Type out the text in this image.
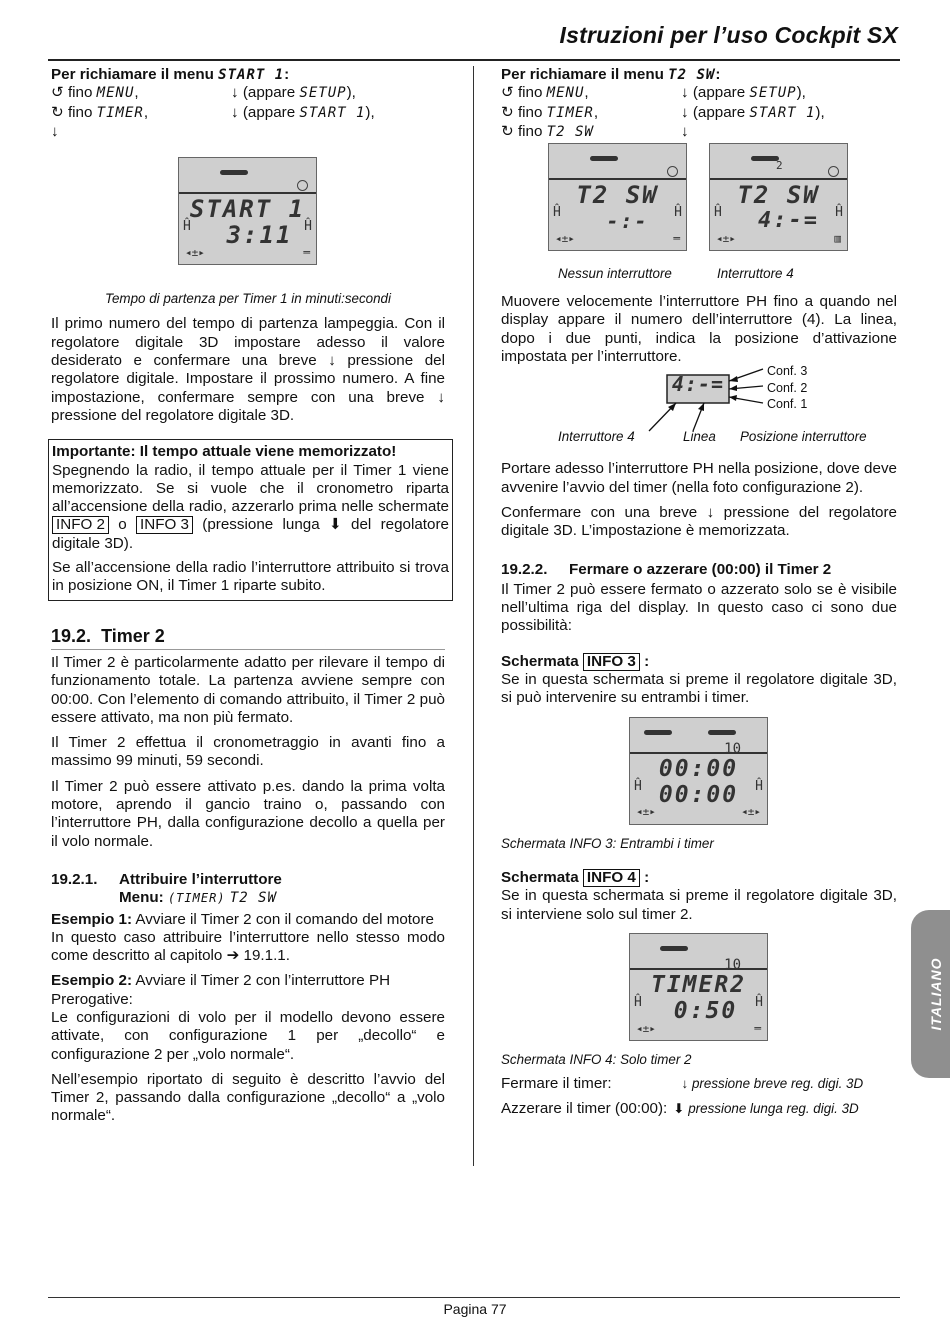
Istruzioni per l’uso Cockpit SX
Per richiamare il menu START 1:
↺ fino MENU,	↓ (appare SETUP),
↻ fino TIMER,	↓ (appare START 1),
↓
START 1
3:11
Ĥ	Ĥ
◂±▸	═
Tempo di partenza per Timer 1 in minuti:secondi

Il primo numero del tempo di partenza lampeggia. Con il regolatore digitale 3D impostare adesso il valore desiderato e confermare una breve ↓ pressione del regolatore digitale. Impostare il prossimo numero. A fine impostazione, confermare sempre con una breve ↓ pressione del regolatore digitale 3D.

Importante: Il tempo attuale viene memorizzato!

Spegnendo la radio, il tempo attuale per il Timer 1 viene memorizzato. Se si vuole che il cronometro riparta all’accensione della radio, azzerarlo prima nelle schermate INFO 2 o INFO 3 (pressione lunga ⬇ del regolatore digitale 3D).

Se all’accensione della radio l’interruttore attribuito si trova in posizione ON, il Timer 1 riparte subito.

19.2. Timer 2

Il Timer 2 è particolarmente adatto per rilevare il tempo di funzionamento totale. La partenza avviene sempre con 00:00. Con l’elemento di comando attribuito, il Timer 2 può essere attivato, ma non più fermato.

Il Timer 2 effettua il cronometraggio in avanti fino a massimo 99 minuti, 59 secondi.

Il Timer 2 può essere attivato p.es. dando la prima volta motore, aprendo il gancio traino o, passando con l’interruttore PH, dalla configurazione decollo a quella per il volo normale.

19.2.1. Attribuire l’interruttore
Menu: (TIMER) T2 SW
Esempio 1: Avviare il Timer 2 con il comando del motore

In questo caso attribuire l’interruttore nello stesso modo come descritto al capitolo ➔ 19.1.1.

Esempio 2: Avviare il Timer 2 con l’interruttore PH
Prerogative:

Le configurazioni di volo per il modello devono essere attivate, con configurazione 1 per „decollo“ e configurazione 2 per „volo normale“.

Nell’esempio riportato di seguito è descritto l’avvio del Timer 2, passando dalla configurazione „decollo“ a „volo normale“.

Per richiamare il menu T2 SW:
↺ fino MENU,	↓ (appare SETUP),
↻ fino TIMER,	↓ (appare START 1),
↻ fino T2 SW	↓
T2 SW
-:-
Ĥ	Ĥ
◂±▸	═
2
T2 SW
4:-=
Ĥ	Ĥ
◂±▸	▥
Nessun interruttore	Interruttore 4

Muovere velocemente l’interruttore PH fino a quando nel display appare il numero dell’interruttore (4). La linea, dopo i due punti, indica la posizione d’attivazione impostata per l’interruttore.

4:-=
Conf. 3
Conf. 2
Conf. 1
Interruttore 4	Linea Posizione interruttore

Portare adesso l’interruttore PH nella posizione, dove deve avvenire l’avvio del timer (nella foto configurazione 2).

Confermare con una breve ↓ pressione del regolatore digitale 3D. L’impostazione è memorizzata.

19.2.2. Fermare o azzerare (00:00) il Timer 2

Il Timer 2 può essere fermato o azzerato solo se è visibile nell’ultima riga del display. In questo caso ci sono due possibilità:

Schermata INFO 3 :

Se in questa schermata si preme il regolatore digitale 3D, si può intervenire su entrambi i timer.

10
00:00
00:00
Ĥ	Ĥ
◂±▸	◂±▸
Schermata INFO 3: Entrambi i timer
Schermata INFO 4 :

Se in questa schermata si preme il regolatore digitale 3D, si interviene solo sul timer 2.

10
TIMER2
0:50
Ĥ	Ĥ
◂±▸	═
Schermata INFO 4: Solo timer 2
Fermare il timer:	↓ pressione breve reg. digi. 3D
Azzerare il timer (00:00): ⬇ pressione lunga reg. digi. 3D
ITALIANO
Pagina 77
